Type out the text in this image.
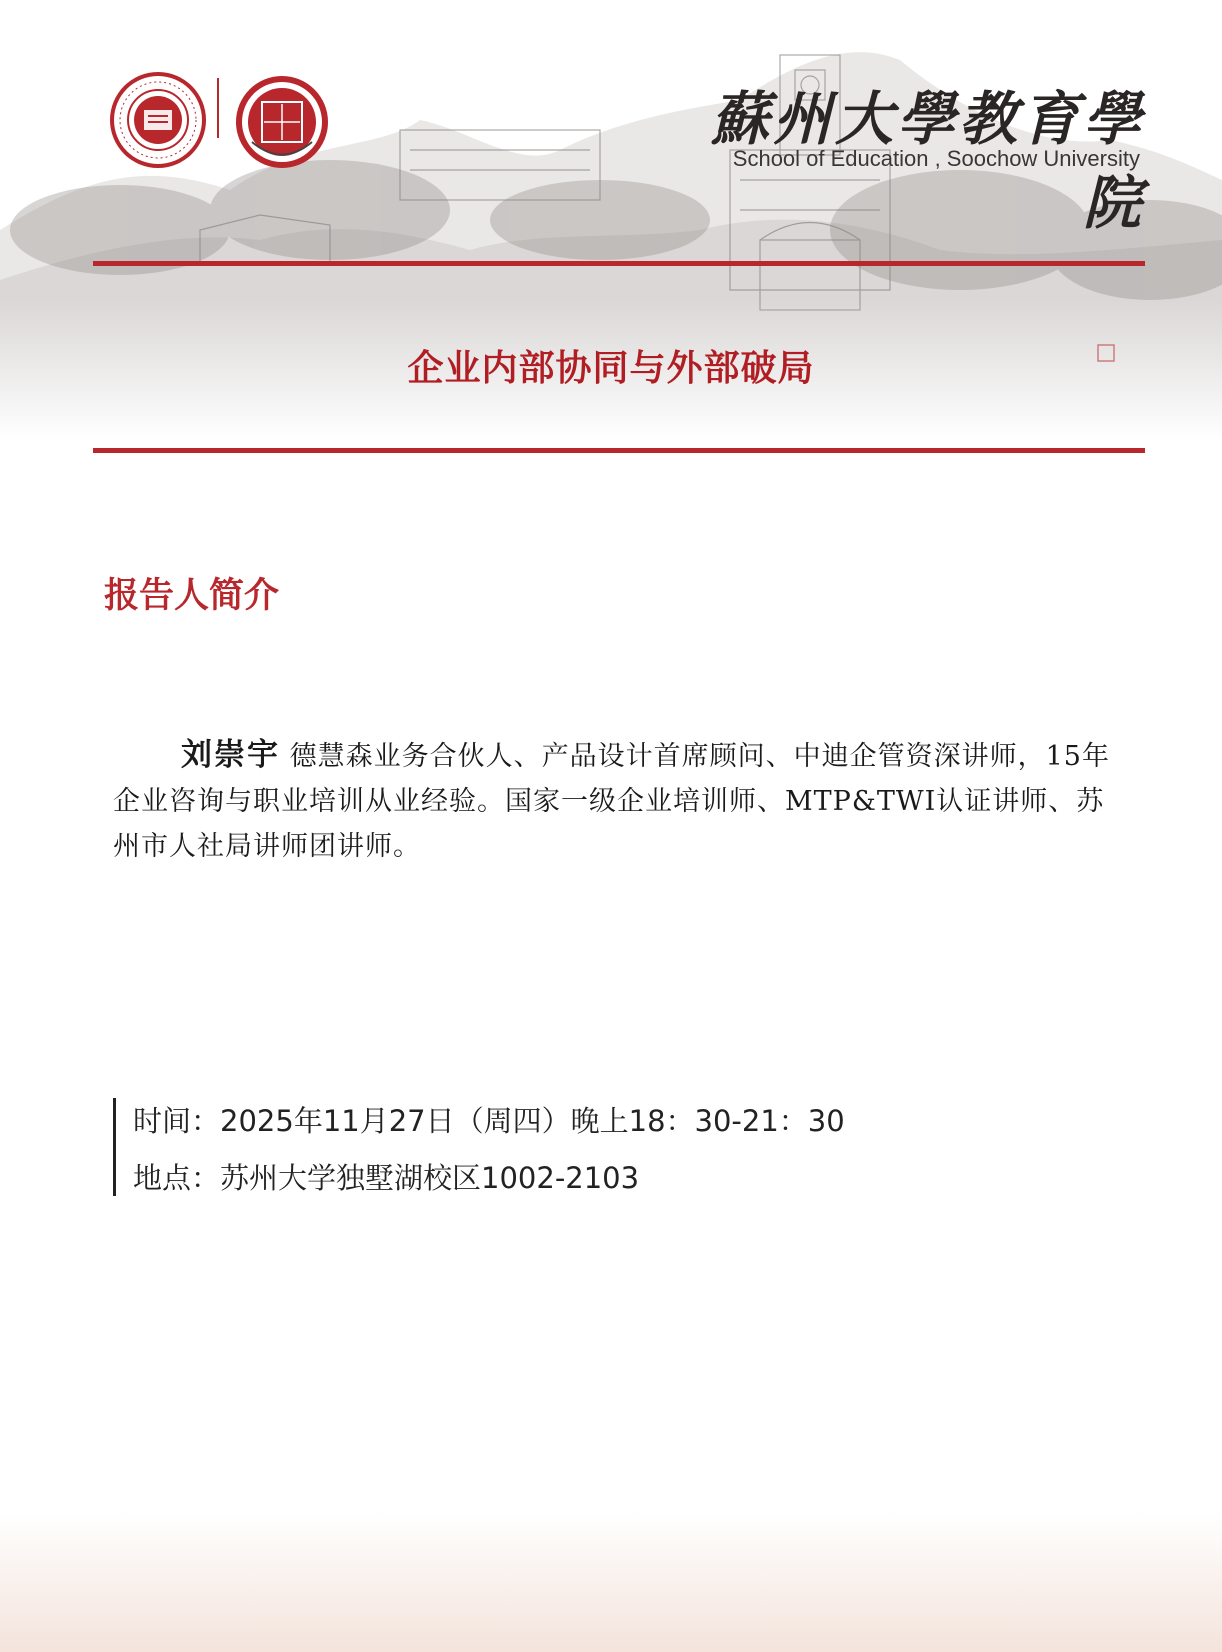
蘇州大學教育學院
School of Education , Soochow University
企业内部协同与外部破局
报告人简介
刘崇宇 德慧森业务合伙人、产品设计首席顾问、中迪企管资深讲师，15年企业咨询与职业培训从业经验。国家一级企业培训师、MTP&TWI认证讲师、苏州市人社局讲师团讲师。
时间：2025年11月27日（周四）晚上18：30-21：30
地点：苏州大学独墅湖校区1002-2103
